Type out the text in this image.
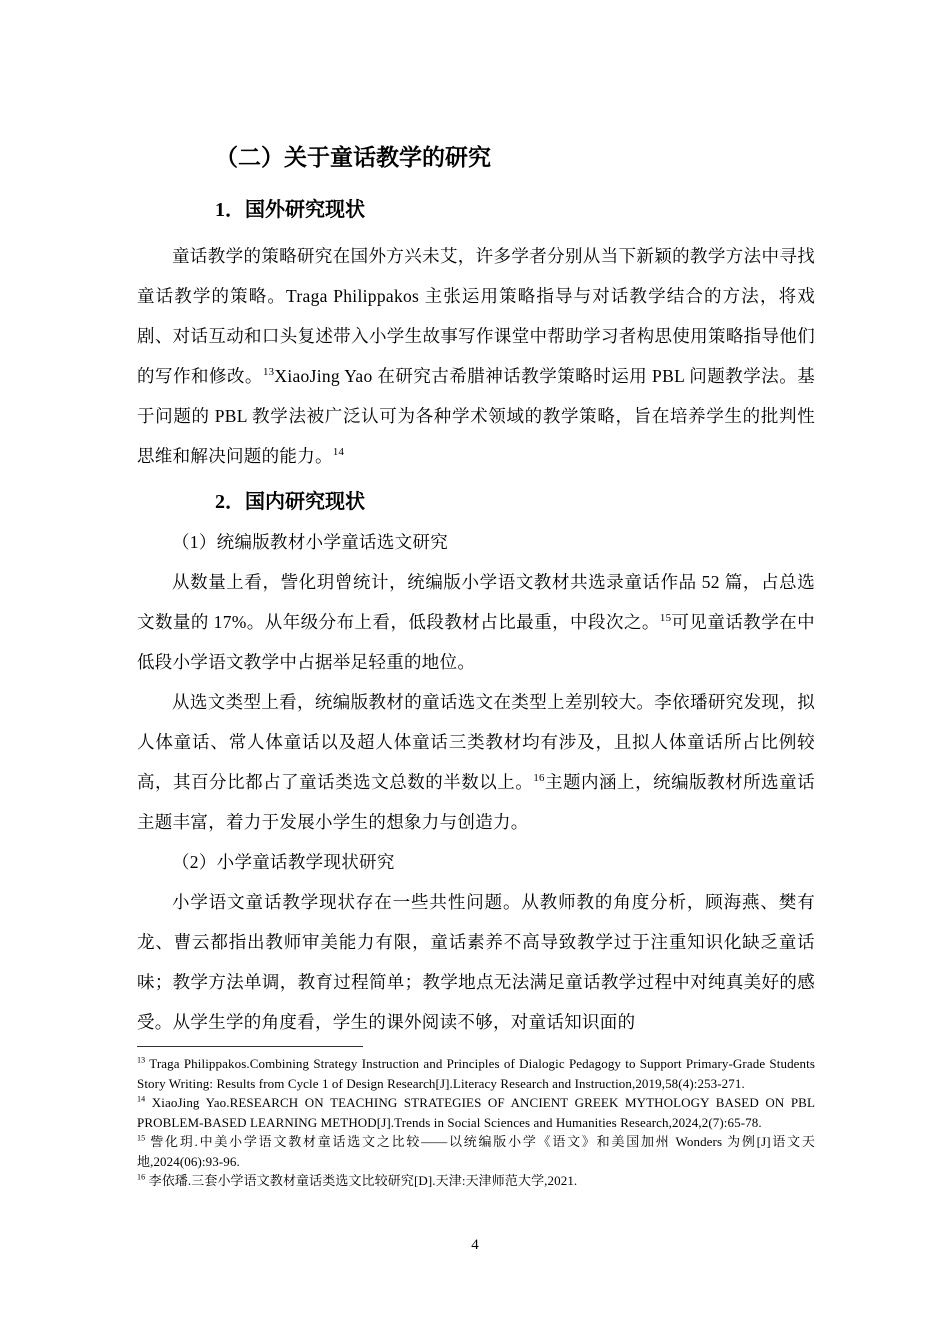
（二）关于童话教学的研究
1．国外研究现状

童话教学的策略研究在国外方兴未艾，许多学者分别从当下新颖的教学方法中寻找童话教学的策略。Traga Philippakos 主张运用策略指导与对话教学结合的方法，将戏剧、对话互动和口头复述带入小学生故事写作课堂中帮助学习者构思使用策略指导他们的写作和修改。$^{13}$XiaoJing Yao 在研究古希腊神话教学策略时运用 PBL 问题教学法。基于问题的 PBL 教学法被广泛认可为各种学术领域的教学策略，旨在培养学生的批判性思维和解决问题的能力。$^{14}$

2．国内研究现状

（1）统编版教材小学童话选文研究

从数量上看，訾化玥曾统计，统编版小学语文教材共选录童话作品 52 篇，占总选文数量的 17%。从年级分布上看，低段教材占比最重，中段次之。$^{15}$可见童话教学在中低段小学语文教学中占据举足轻重的地位。

从选文类型上看，统编版教材的童话选文在类型上差别较大。李依璠研究发现，拟人体童话、常人体童话以及超人体童话三类教材均有涉及，且拟人体童话所占比例较高，其百分比都占了童话类选文总数的半数以上。$^{16}$主题内涵上，统编版教材所选童话主题丰富，着力于发展小学生的想象力与创造力。

（2）小学童话教学现状研究

小学语文童话教学现状存在一些共性问题。从教师教的角度分析，顾海燕、樊有龙、曹云都指出教师审美能力有限，童话素养不高导致教学过于注重知识化缺乏童话味；教学方法单调，教育过程简单；教学地点无法满足童话教学过程中对纯真美好的感受。从学生学的角度看，学生的课外阅读不够，对童话知识面的

$^{13}$ Traga Philippakos.Combining Strategy Instruction and Principles of Dialogic Pedagogy to Support Primary-Grade Students Story Writing: Results from Cycle 1 of Design Research[J].Literacy Research and Instruction,2019,58(4):253-271.

$^{14}$ XiaoJing Yao.RESEARCH ON TEACHING STRATEGIES OF ANCIENT GREEK MYTHOLOGY BASED ON PBL PROBLEM-BASED LEARNING METHOD[J].Trends in Social Sciences and Humanities Research,2024,2(7):65-78.

$^{15}$ 訾化玥.中美小学语文教材童话选文之比较——以统编版小学《语文》和美国加州 Wonders 为例[J]语文天地,2024(06):93-96.

$^{16}$ 李依璠.三套小学语文教材童话类选文比较研究[D].天津:天津师范大学,2021.

4
